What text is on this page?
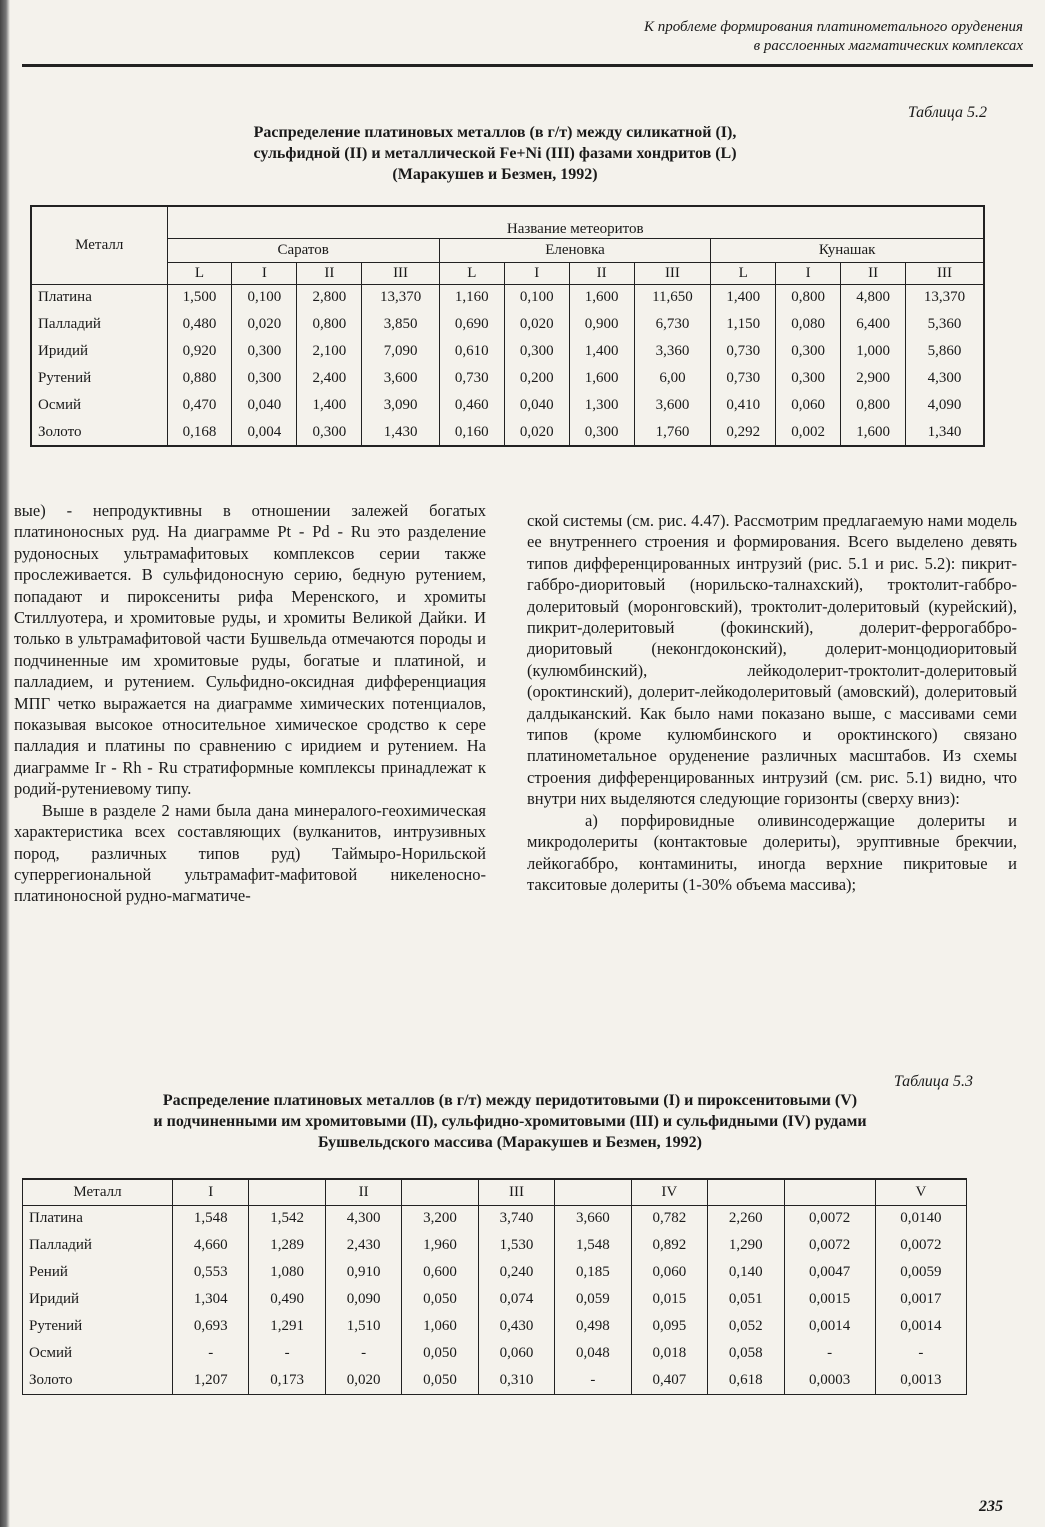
К проблеме формирования платинометального оруденения
в расслоенных магматических комплексах
Таблица 5.2
Распределение платиновых металлов (в г/т) между силикатной (I),
сульфидной (II) и металлической Fe+Ni (III) фазами хондритов (L)
(Маракушев и Безмен, 1992)
Металл	Название метеоритов											
	Саратов				Еленовка				Кунашак			
	L	I	II	III	L	I	II	III	L	I	II	III
Платина	1,500	0,100	2,800	13,370	1,160	0,100	1,600	11,650	1,400	0,800	4,800	13,370
Палладий	0,480	0,020	0,800	3,850	0,690	0,020	0,900	6,730	1,150	0,080	6,400	5,360
Иридий	0,920	0,300	2,100	7,090	0,610	0,300	1,400	3,360	0,730	0,300	1,000	5,860
Рутений	0,880	0,300	2,400	3,600	0,730	0,200	1,600	6,00	0,730	0,300	2,900	4,300
Осмий	0,470	0,040	1,400	3,090	0,460	0,040	1,300	3,600	0,410	0,060	0,800	4,090
Золото	0,168	0,004	0,300	1,430	0,160	0,020	0,300	1,760	0,292	0,002	1,600	1,340

вые) - непродуктивны в отношении залежей богатых платиноносных руд. На диаграмме Pt - Pd - Ru это разделение рудоносных ультрамафитовых комплексов серии также прослеживается. В сульфидоносную серию, бедную рутением, попадают и пироксениты рифа Меренского, и хромиты Стиллуотера, и хромитовые руды, и хромиты Великой Дайки. И только в ультрамафитовой части Бушвельда отмечаются породы и подчиненные им хромитовые руды, богатые и платиной, и палладием, и рутением. Сульфидно-оксидная дифференциация МПГ четко выражается на диаграмме химических потенциалов, показывая высокое относительное химическое сродство к сере палладия и платины по сравнению с иридием и рутением. На диаграмме Ir - Rh - Ru стратиформные комплексы принадлежат к родий-рутениевому типу.

Выше в разделе 2 нами была дана минералого-геохимическая характеристика всех составляющих (вулканитов, интрузивных пород, различных типов руд) Таймыро-Норильской суперрегиональной ультрамафит-мафитовой никеленосно-платиноносной рудно-магматиче-

ской системы (см. рис. 4.47). Рассмотрим предлагаемую нами модель ее внутреннего строения и формирования. Всего выделено девять типов дифференцированных интрузий (рис. 5.1 и рис. 5.2): пикрит-габбро-диоритовый (норильско-талнахский), троктолит-габбро-долеритовый (моронговский), троктолит-долеритовый (курейский), пикрит-долеритовый (фокинский), долерит-феррогаббро-диоритовый (неконгдоконский), долерит-монцодиоритовый (кулюмбинский), лейкодолерит-троктолит-долеритовый (ороктинский), долерит-лейкодолеритовый (амовский), долеритовый далдыканский. Как было нами показано выше, с массивами семи типов (кроме кулюмбинского и ороктинского) связано платинометальное оруденение различных масштабов. Из схемы строения дифференцированных интрузий (см. рис. 5.1) видно, что внутри них выделяются следующие горизонты (сверху вниз):

а) порфировидные оливинсодержащие долериты и микродолериты (контактовые долериты), эруптивные брекчии, лейкогаббро, контаминиты, иногда верхние пикритовые и такситовые долериты (1-30% объема массива);

Таблица 5.3
Распределение платиновых металлов (в г/т) между перидотитовыми (I) и пироксенитовыми (V)
и подчиненными им хромитовыми (II), сульфидно-хромитовыми (III) и сульфидными (IV) рудами
Бушвельдского массива (Маракушев и Безмен, 1992)
Металл	I		II		III		IV			V
Платина	1,548	1,542	4,300	3,200	3,740	3,660	0,782	2,260	0,0072	0,0140
Палладий	4,660	1,289	2,430	1,960	1,530	1,548	0,892	1,290	0,0072	0,0072
Рений	0,553	1,080	0,910	0,600	0,240	0,185	0,060	0,140	0,0047	0,0059
Иридий	1,304	0,490	0,090	0,050	0,074	0,059	0,015	0,051	0,0015	0,0017
Рутений	0,693	1,291	1,510	1,060	0,430	0,498	0,095	0,052	0,0014	0,0014
Осмий	-	-	-	0,050	0,060	0,048	0,018	0,058	-	-
Золото	1,207	0,173	0,020	0,050	0,310	-	0,407	0,618	0,0003	0,0013
235
